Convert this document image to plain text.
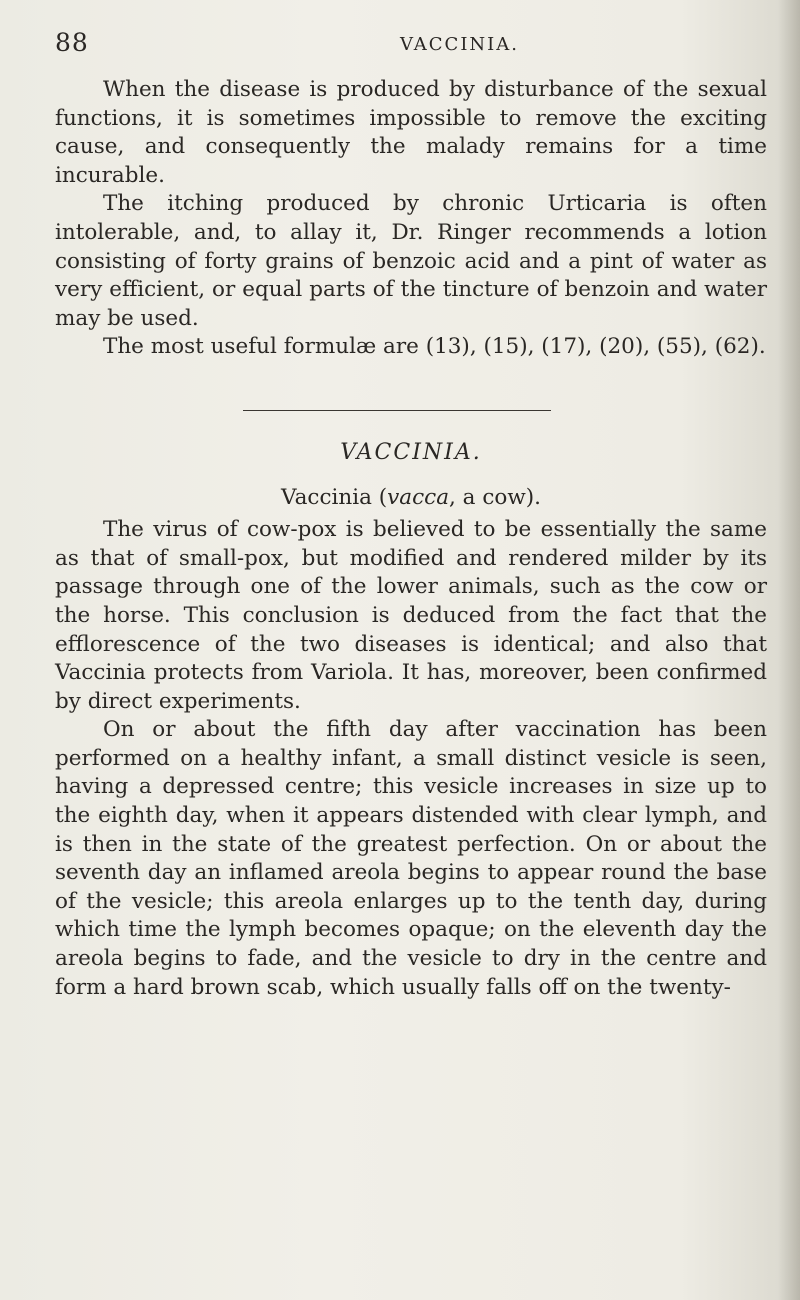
88	VACCINIA.

When the disease is produced by disturbance of the sexual functions, it is sometimes impossible to remove the exciting cause, and consequently the malady remains for a time incurable.

The itching produced by chronic Urticaria is often intolerable, and, to allay it, Dr. Ringer recommends a lotion consisting of forty grains of benzoic acid and a pint of water as very efficient, or equal parts of the tincture of benzoin and water may be used.

The most useful formulæ are (13), (15), (17), (20), (55), (62).

VACCINIA.
Vaccinia (vacca, a cow).

The virus of cow-pox is believed to be essentially the same as that of small-pox, but modified and rendered milder by its passage through one of the lower animals, such as the cow or the horse. This conclusion is deduced from the fact that the efflorescence of the two diseases is identical; and also that Vaccinia protects from Variola. It has, moreover, been confirmed by direct experiments.

On or about the fifth day after vaccination has been performed on a healthy infant, a small distinct vesicle is seen, having a depressed centre; this vesicle increases in size up to the eighth day, when it appears distended with clear lymph, and is then in the state of the greatest perfection. On or about the seventh day an inflamed areola begins to appear round the base of the vesicle; this areola enlarges up to the tenth day, during which time the lymph becomes opaque; on the eleventh day the areola begins to fade, and the vesicle to dry in the centre and form a hard brown scab, which usually falls off on the twenty-
